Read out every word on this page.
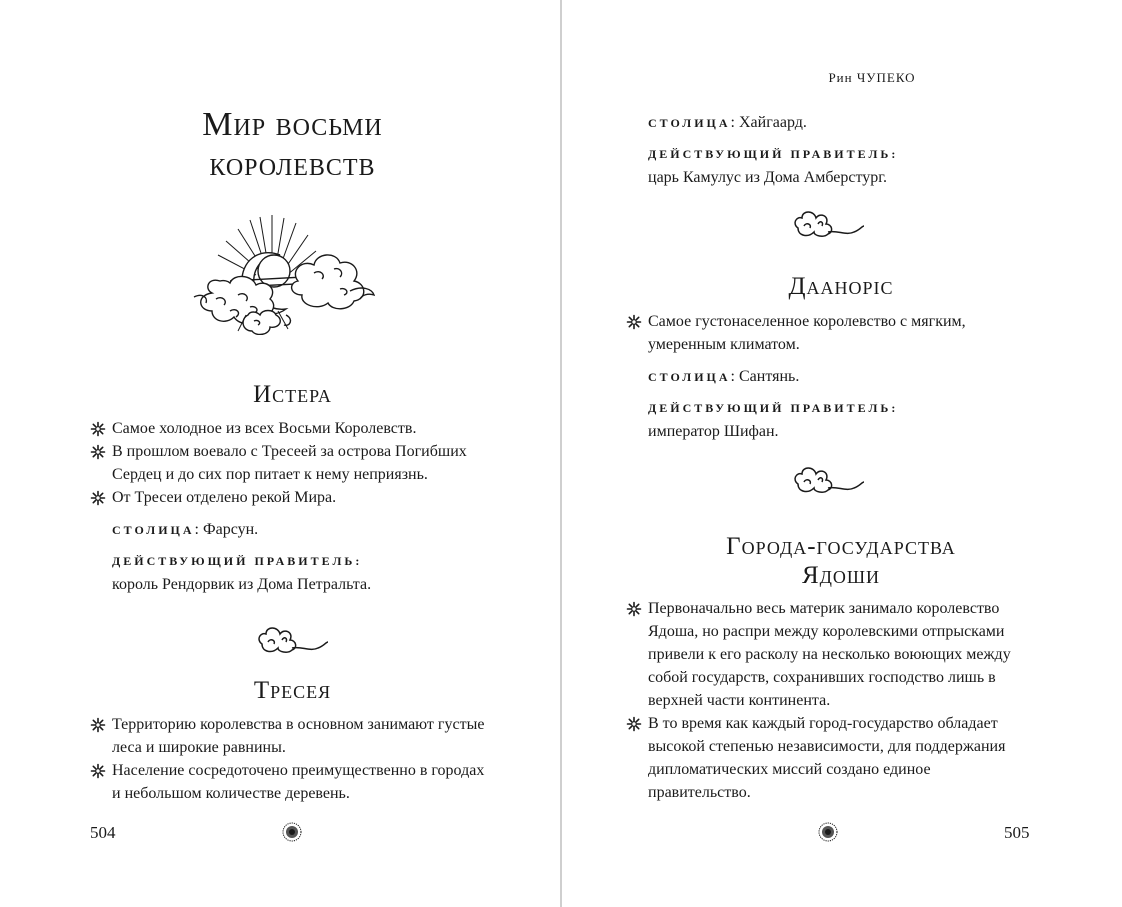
Мир восьми
королевств
Истера
Самое холодное из всех Восьми Королевств.
В прошлом воевало с Тресеей за острова Погибших Сердец и до сих пор питает к нему неприязнь.
От Тресеи отделено рекой Мира.
СТОЛИЦА: Фарсун.
ДЕЙСТВУЮЩИЙ ПРАВИТЕЛЬ:
король Рендорвик из Дома Петральта.
Тресея
Территорию королевства в основном занимают густые леса и широкие равнины.
Население сосредоточено преимущественно в городах и небольшом количестве деревень.
504
Рин ЧУПЕКО
СТОЛИЦА: Хайгаард.
ДЕЙСТВУЮЩИЙ ПРАВИТЕЛЬ:
царь Камулус из Дома Амберстург.
Дааноріс
Самое густонаселенное королевство с мягким, умеренным климатом.
СТОЛИЦА: Сантянь.
ДЕЙСТВУЮЩИЙ ПРАВИТЕЛЬ:
император Шифан.
Города-государства
Ядоши
Первоначально весь материк занимало королевство Ядоша, но распри между королевскими отпрысками привели к его расколу на несколько воюющих между собой государств, сохранивших господство лишь в верхней части континента.
В то время как каждый город-государство обладает высокой степенью независимости, для поддержания дипломатических миссий создано единое правительство.
505
